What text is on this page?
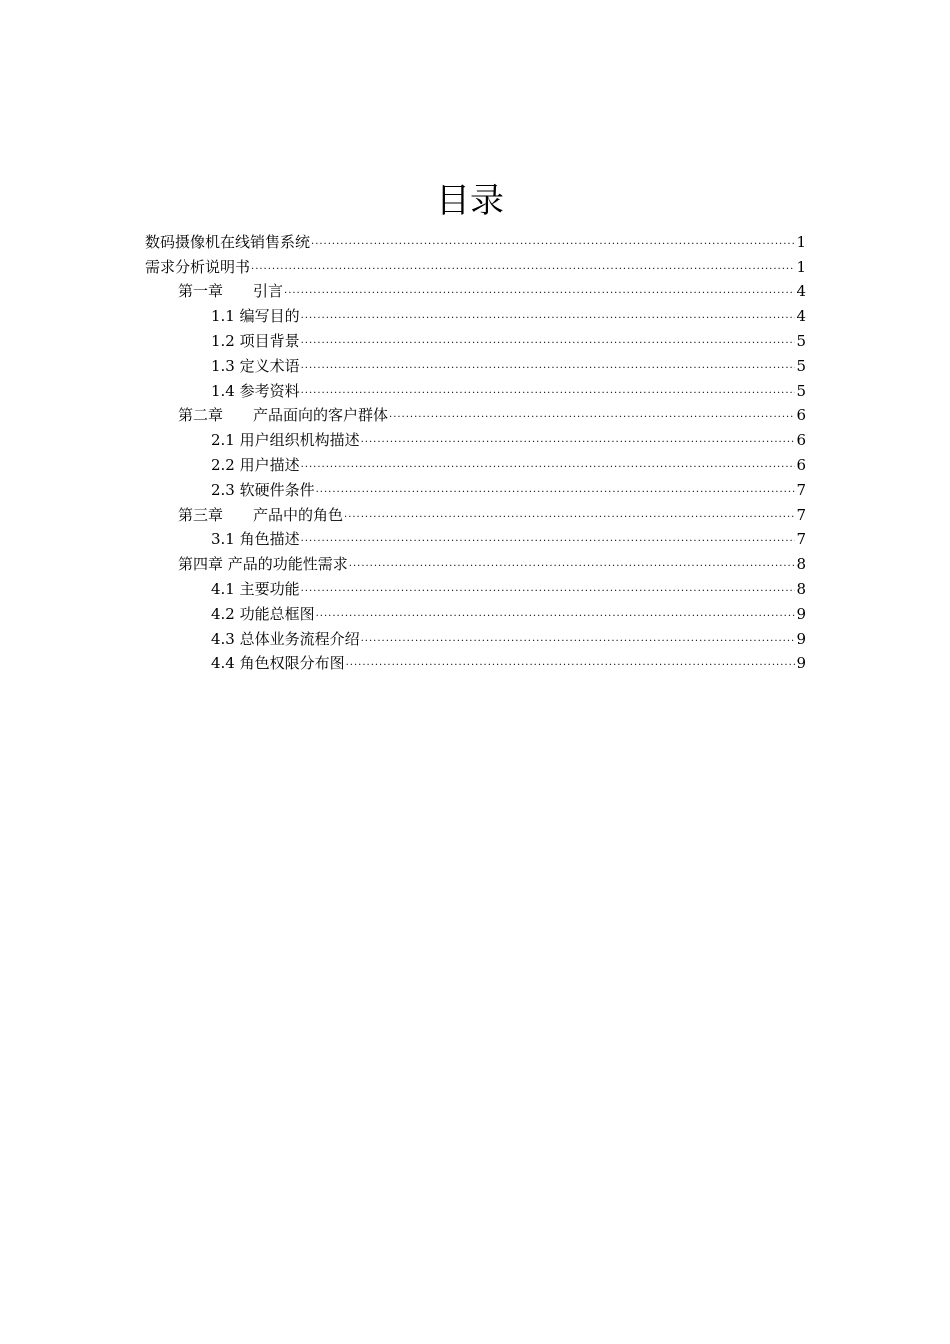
目录
数码摄像机在线销售系统 .....	1
需求分析说明书 .....	1
第一章　　引言 .....	4
1.1 编写目的 .....	4
1.2 项目背景 .....	5
1.3 定义术语 .....	5
1.4 参考资料 .....	5
第二章　　产品面向的客户群体 .....	6
2.1 用户组织机构描述 .....	6
2.2 用户描述 .....	6
2.3 软硬件条件 .....	7
第三章　　产品中的角色 .....	7
3.1 角色描述 .....	7
第四章 产品的功能性需求 .....	8
4.1 主要功能 .....	8
4.2 功能总框图 .....	9
4.3 总体业务流程介绍 .....	9
4.4 角色权限分布图 .....	9
